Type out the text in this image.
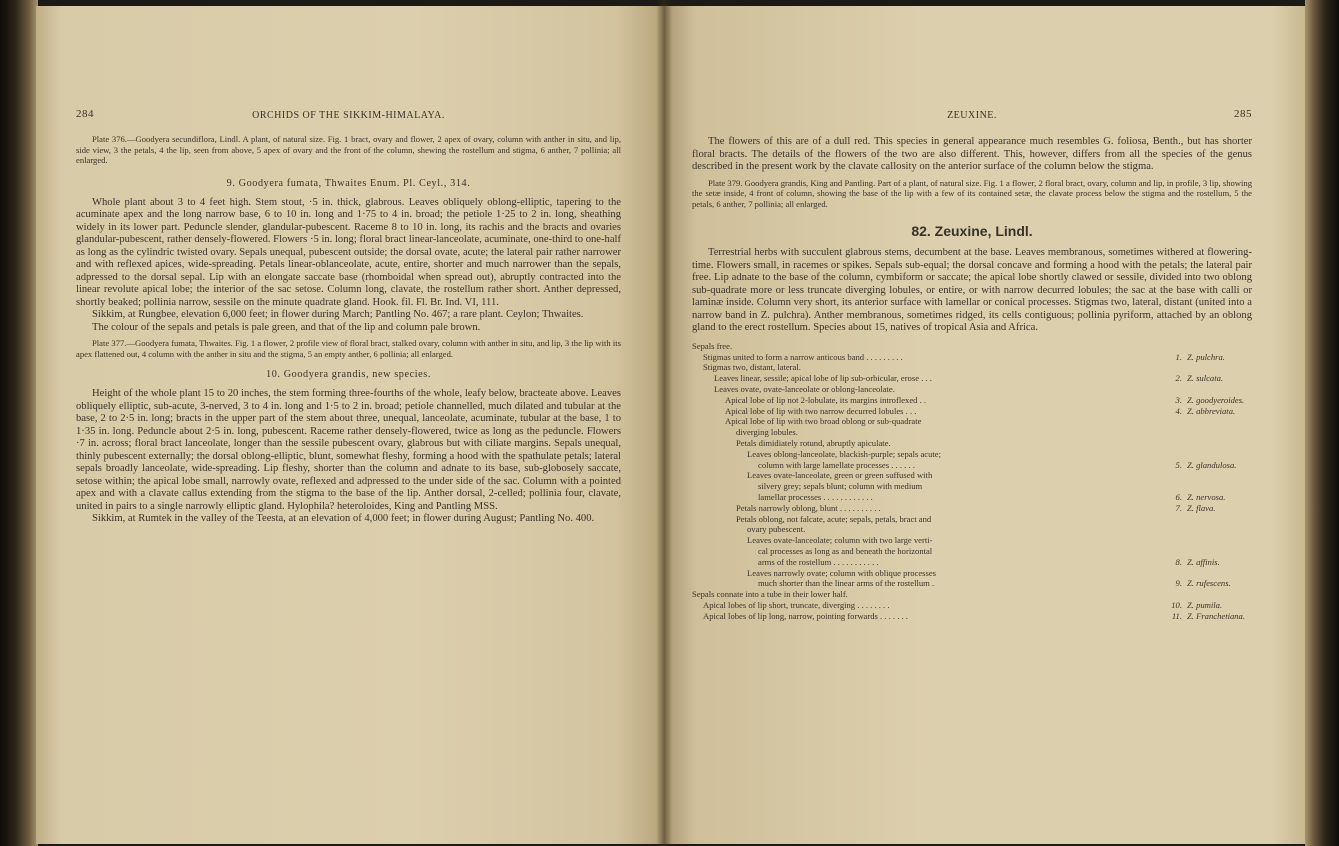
284	ORCHIDS OF THE SIKKIM-HIMALAYA.

Plate 376.—Goodyera secundiflora, Lindl. A plant, of natural size. Fig. 1 bract, ovary and flower, 2 apex of ovary, column with anther in situ, and lip, side view, 3 the petals, 4 the lip, seen from above, 5 apex of ovary and the front of the column, shewing the rostellum and stigma, 6 anther, 7 pollinia; all enlarged.

9. Goodyera fumata, Thwaites Enum. Pl. Ceyl., 314.

Whole plant about 3 to 4 feet high. Stem stout, ·5 in. thick, glabrous. Leaves obliquely oblong-elliptic, tapering to the acuminate apex and the long narrow base, 6 to 10 in. long and 1·75 to 4 in. broad; the petiole 1·25 to 2 in. long, sheathing widely in its lower part. Peduncle slender, glandular-pubescent. Raceme 8 to 10 in. long, its rachis and the bracts and ovaries glandular-pubescent, rather densely-flowered. Flowers ·5 in. long; floral bract linear-lanceolate, acuminate, one-third to one-half as long as the cylindric twisted ovary. Sepals unequal, pubescent outside; the dorsal ovate, acute; the lateral pair rather narrower and with reflexed apices, wide-spreading. Petals linear-oblanceolate, acute, entire, shorter and much narrower than the sepals, adpressed to the dorsal sepal. Lip with an elongate saccate base (rhomboidal when spread out), abruptly contracted into the linear revolute apical lobe; the interior of the sac setose. Column long, clavate, the rostellum rather short. Anther depressed, shortly beaked; pollinia narrow, sessile on the minute quadrate gland. Hook. fil. Fl. Br. Ind. VI, 111.

Sikkim, at Rungbee, elevation 6,000 feet; in flower during March; Pantling No. 467; a rare plant. Ceylon; Thwaites.

The colour of the sepals and petals is pale green, and that of the lip and column pale brown.

Plate 377.—Goodyera fumata, Thwaites. Fig. 1 a flower, 2 profile view of floral bract, stalked ovary, column with anther in situ, and lip, 3 the lip with its apex flattened out, 4 column with the anther in situ and the stigma, 5 an empty anther, 6 pollinia; all enlarged.

10. Goodyera grandis, new species.

Height of the whole plant 15 to 20 inches, the stem forming three-fourths of the whole, leafy below, bracteate above. Leaves obliquely elliptic, sub-acute, 3-nerved, 3 to 4 in. long and 1·5 to 2 in. broad; petiole channelled, much dilated and tubular at the base, 2 to 2·5 in. long; bracts in the upper part of the stem about three, unequal, lanceolate, acuminate, tubular at the base, 1 to 1·35 in. long. Peduncle about 2·5 in. long, pubescent. Raceme rather densely-flowered, twice as long as the peduncle. Flowers ·7 in. across; floral bract lanceolate, longer than the sessile pubescent ovary, glabrous but with ciliate margins. Sepals unequal, thinly pubescent externally; the dorsal oblong-elliptic, blunt, somewhat fleshy, forming a hood with the spathulate petals; lateral sepals broadly lanceolate, wide-spreading. Lip fleshy, shorter than the column and adnate to its base, sub-globosely saccate, setose within; the apical lobe small, narrowly ovate, reflexed and adpressed to the under side of the sac. Column with a pointed apex and with a clavate callus extending from the stigma to the base of the lip. Anther dorsal, 2-celled; pollinia four, clavate, united in pairs to a single narrowly elliptic gland. Hylophila? heteroloides, King and Pantling MSS.

Sikkim, at Rumtek in the valley of the Teesta, at an elevation of 4,000 feet; in flower during August; Pantling No. 400.

ZEUXINE.	285

The flowers of this are of a dull red. This species in general appearance much resembles G. foliosa, Benth., but has shorter floral bracts. The details of the flowers of the two are also different. This, however, differs from all the species of the genus described in the present work by the clavate callosity on the anterior surface of the column below the stigma.

Plate 379. Goodyera grandis, King and Pantling. Part of a plant, of natural size. Fig. 1 a flower, 2 floral bract, ovary, column and lip, in profile, 3 lip, showing the setæ inside, 4 front of column, showing the base of the lip with a few of its contained setæ, the clavate process below the stigma and the rostellum, 5 the petals, 6 anther, 7 pollinia; all enlarged.

82. Zeuxine, Lindl.

Terrestrial herbs with succulent glabrous stems, decumbent at the base. Leaves membranous, sometimes withered at flowering-time. Flowers small, in racemes or spikes. Sepals sub-equal; the dorsal concave and forming a hood with the petals; the lateral pair free. Lip adnate to the base of the column, cymbiform or saccate; the apical lobe shortly clawed or sessile, divided into two oblong sub-quadrate more or less truncate diverging lobules, or entire, or with narrow decurred lobules; the sac at the base with calli or laminæ inside. Column very short, its anterior surface with lamellar or conical processes. Stigmas two, lateral, distant (united into a narrow band in Z. pulchra). Anther membranous, sometimes ridged, its cells contiguous; pollinia pyriform, attached by an oblong gland to the erect rostellum. Species about 15, natives of tropical Asia and Africa.

Sepals free.
Stigmas united to form a narrow anticous band . . . . . . . . .	1. Z. pulchra.
Stigmas two, distant, lateral.
Leaves linear, sessile; apical lobe of lip sub-orbicular, erose . . .	2. Z. sulcata.
Leaves ovate, ovate-lanceolate or oblong-lanceolate.
Apical lobe of lip not 2-lobulate, its margins introflexed . .	3. Z. goodyeroides.
Apical lobe of lip with two narrow decurred lobules . . .	4. Z. abbreviata.
Apical lobe of lip with two broad oblong or sub-quadrate
diverging lobules.
Petals dimidiately rotund, abruptly apiculate.
Leaves oblong-lanceolate, blackish-purple; sepals acute;
column with large lamellate processes . . . . . .	5. Z. glandulosa.
Leaves ovate-lanceolate, green or green suffused with
silvery grey; sepals blunt; column with medium
lamellar processes . . . . . . . . . . . .	6. Z. nervosa.
Petals narrowly oblong, blunt . . . . . . . . . .	7. Z. flava.
Petals oblong, not falcate, acute; sepals, petals, bract and
ovary pubescent.
Leaves ovate-lanceolate; column with two large verti-
cal processes as long as and beneath the horizontal
arms of the rostellum . . . . . . . . . . .	8. Z. affinis.
Leaves narrowly ovate; column with oblique processes
much shorter than the linear arms of the rostellum .	9. Z. rufescens.
Sepals connate into a tube in their lower half.
Apical lobes of lip short, truncate, diverging . . . . . . . .	10. Z. pumila.
Apical lobes of lip long, narrow, pointing forwards . . . . . . .	11. Z. Franchetiana.
